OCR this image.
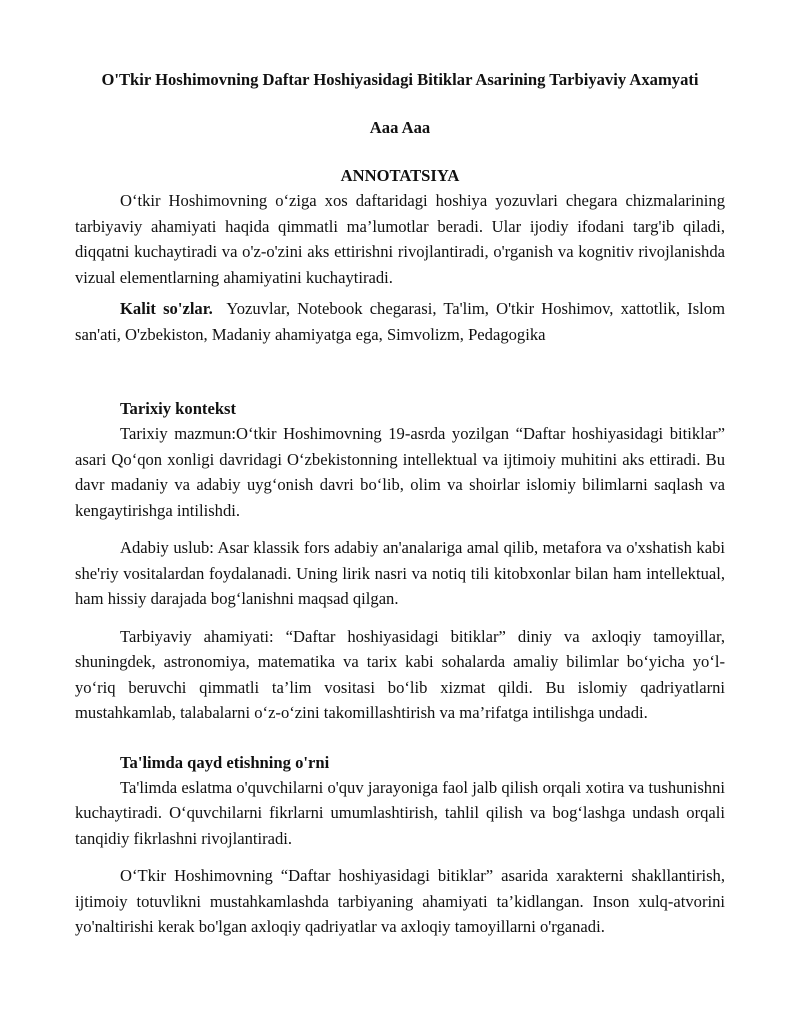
O'Tkir Hoshimovning Daftar Hoshiyasidagi Bitiklar Asarining Tarbiyaviy Axamyati
Aaa Aaa
ANNOTATSIYA

O‘tkir Hoshimovning o‘ziga xos daftaridagi hoshiya yozuvlari chegara chizmalarining tarbiyaviy ahamiyati haqida qimmatli ma’lumotlar beradi. Ular ijodiy ifodani targ'ib qiladi, diqqatni kuchaytiradi va o'z-o'zini aks ettirishni rivojlantiradi, o'rganish va kognitiv rivojlanishda vizual elementlarning ahamiyatini kuchaytiradi.

Kalit so'zlar. Yozuvlar, Notebook chegarasi, Ta'lim, O'tkir Hoshimov, xattotlik, Islom san'ati, O'zbekiston, Madaniy ahamiyatga ega, Simvolizm, Pedagogika

Tarixiy kontekst

Tarixiy mazmun:O‘tkir Hoshimovning 19-asrda yozilgan “Daftar hoshiyasidagi bitiklar” asari Qo‘qon xonligi davridagi O‘zbekistonning intellektual va ijtimoiy muhitini aks ettiradi. Bu davr madaniy va adabiy uyg‘onish davri bo‘lib, olim va shoirlar islomiy bilimlarni saqlash va kengaytirishga intilishdi.

Adabiy uslub: Asar klassik fors adabiy an'analariga amal qilib, metafora va o'xshatish kabi she'riy vositalardan foydalanadi. Uning lirik nasri va notiq tili kitobxonlar bilan ham intellektual, ham hissiy darajada bog‘lanishni maqsad qilgan.

Tarbiyaviy ahamiyati: “Daftar hoshiyasidagi bitiklar” diniy va axloqiy tamoyillar, shuningdek, astronomiya, matematika va tarix kabi sohalarda amaliy bilimlar bo‘yicha yo‘l-yo‘riq beruvchi qimmatli ta’lim vositasi bo‘lib xizmat qildi. Bu islomiy qadriyatlarni mustahkamlab, talabalarni o‘z-o‘zini takomillashtirish va ma’rifatga intilishga undadi.

Ta'limda qayd etishning o'rni

Ta'limda eslatma o'quvchilarni o'quv jarayoniga faol jalb qilish orqali xotira va tushunishni kuchaytiradi. O‘quvchilarni fikrlarni umumlashtirish, tahlil qilish va bog‘lashga undash orqali tanqidiy fikrlashni rivojlantiradi.

O‘Tkir Hoshimovning “Daftar hoshiyasidagi bitiklar” asarida xarakterni shakllantirish, ijtimoiy totuvlikni mustahkamlashda tarbiyaning ahamiyati ta’kidlangan. Inson xulq-atvorini yo'naltirishi kerak bo'lgan axloqiy qadriyatlar va axloqiy tamoyillarni o'rganadi.
